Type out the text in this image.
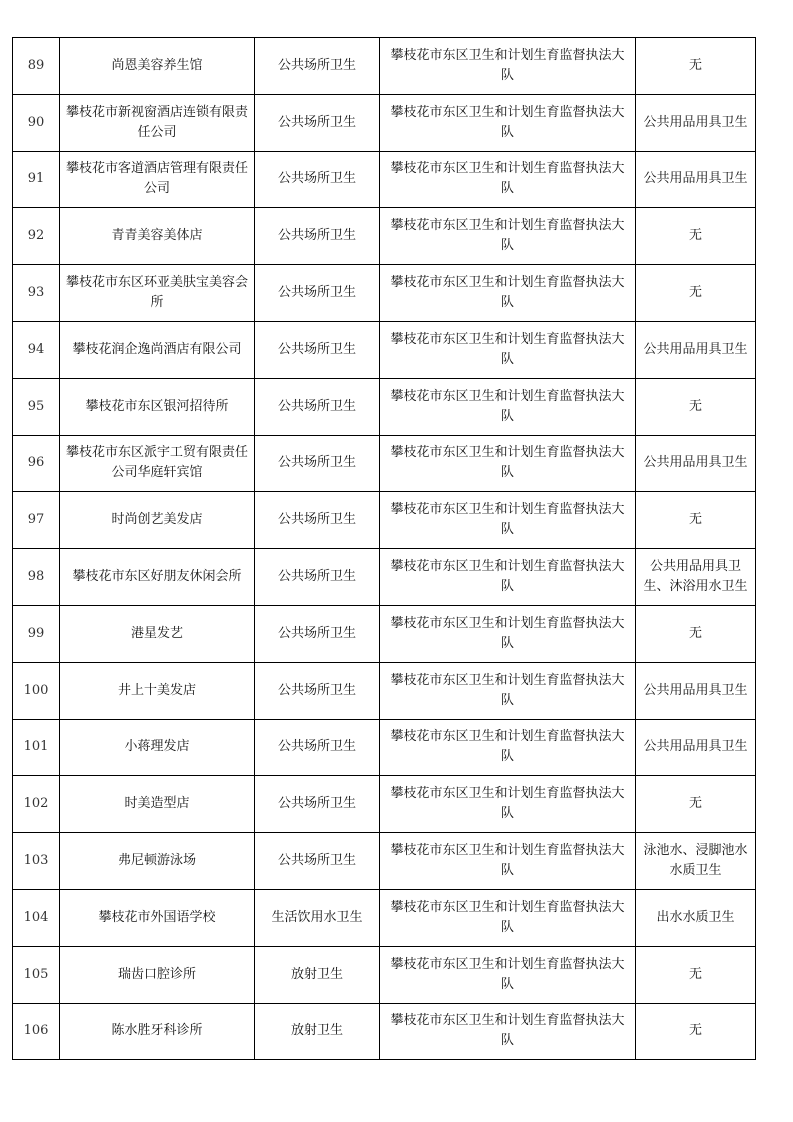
89	尚恩美容养生馆	公共场所卫生	攀枝花市东区卫生和计划生育监督执法大队	无
90	攀枝花市新视窗酒店连锁有限责任公司	公共场所卫生	攀枝花市东区卫生和计划生育监督执法大队	公共用品用具卫生
91	攀枝花市客道酒店管理有限责任公司	公共场所卫生	攀枝花市东区卫生和计划生育监督执法大队	公共用品用具卫生
92	青青美容美体店	公共场所卫生	攀枝花市东区卫生和计划生育监督执法大队	无
93	攀枝花市东区环亚美肤宝美容会所	公共场所卫生	攀枝花市东区卫生和计划生育监督执法大队	无
94	攀枝花润企逸尚酒店有限公司	公共场所卫生	攀枝花市东区卫生和计划生育监督执法大队	公共用品用具卫生
95	攀枝花市东区银河招待所	公共场所卫生	攀枝花市东区卫生和计划生育监督执法大队	无
96	攀枝花市东区派宇工贸有限责任公司华庭轩宾馆	公共场所卫生	攀枝花市东区卫生和计划生育监督执法大队	公共用品用具卫生
97	时尚创艺美发店	公共场所卫生	攀枝花市东区卫生和计划生育监督执法大队	无
98	攀枝花市东区好朋友休闲会所	公共场所卫生	攀枝花市东区卫生和计划生育监督执法大队	公共用品用具卫生、沐浴用水卫生
99	港星发艺	公共场所卫生	攀枝花市东区卫生和计划生育监督执法大队	无
100	井上十美发店	公共场所卫生	攀枝花市东区卫生和计划生育监督执法大队	公共用品用具卫生
101	小蒋理发店	公共场所卫生	攀枝花市东区卫生和计划生育监督执法大队	公共用品用具卫生
102	时美造型店	公共场所卫生	攀枝花市东区卫生和计划生育监督执法大队	无
103	弗尼顿游泳场	公共场所卫生	攀枝花市东区卫生和计划生育监督执法大队	泳池水、浸脚池水水质卫生
104	攀枝花市外国语学校	生活饮用水卫生	攀枝花市东区卫生和计划生育监督执法大队	出水水质卫生
105	瑞齿口腔诊所	放射卫生	攀枝花市东区卫生和计划生育监督执法大队	无
106	陈水胜牙科诊所	放射卫生	攀枝花市东区卫生和计划生育监督执法大队	无
